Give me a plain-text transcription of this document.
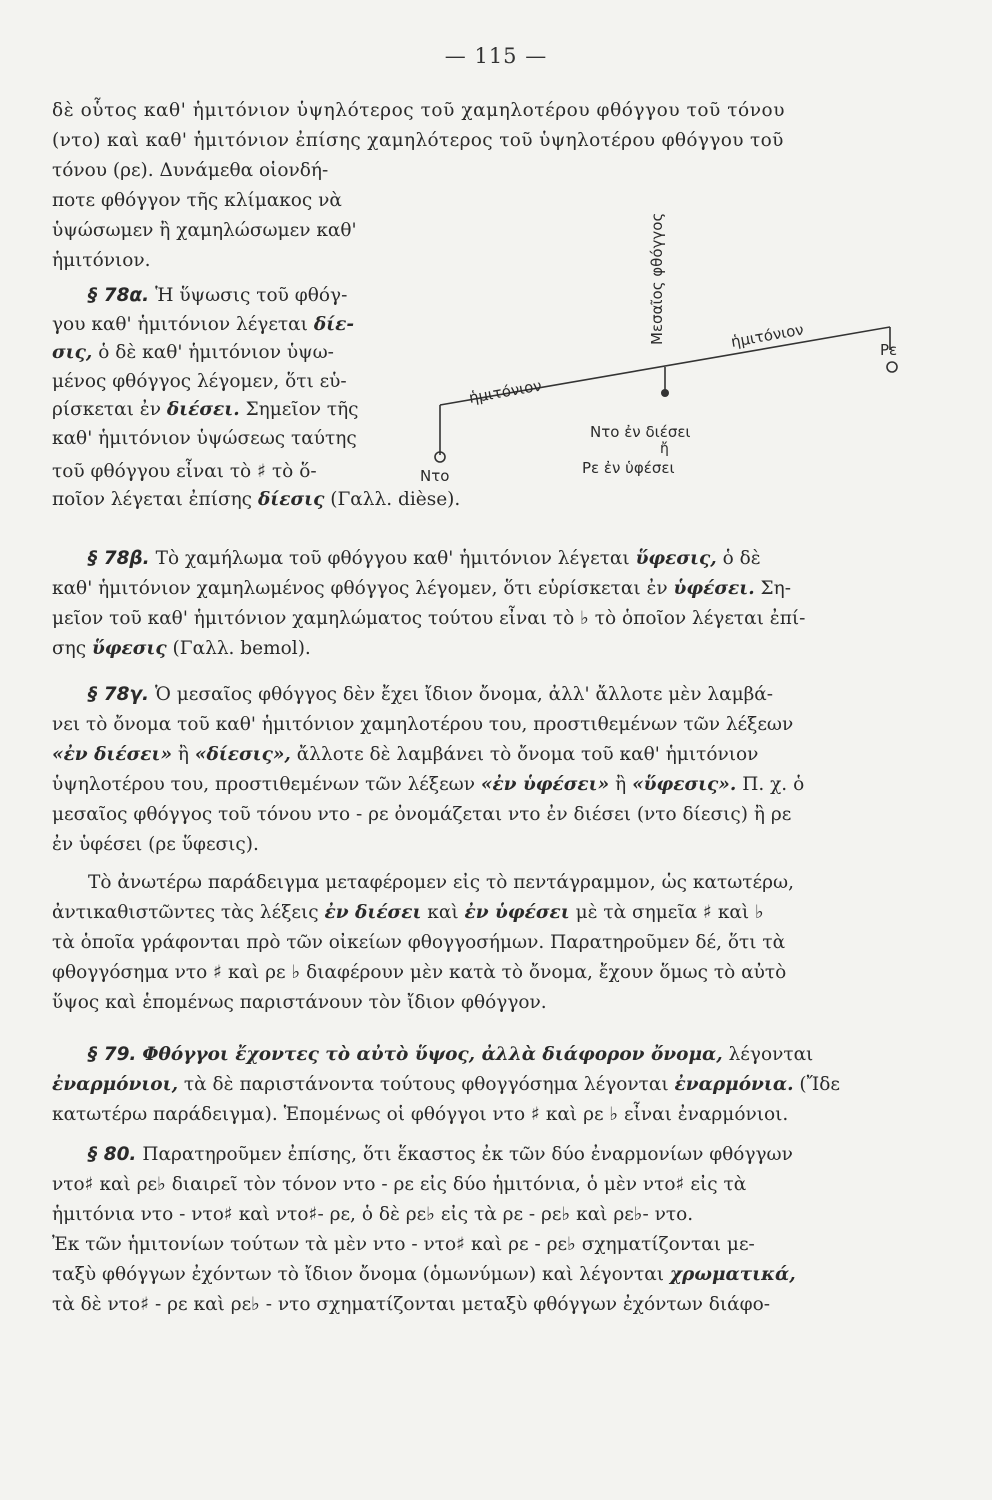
— 115 —
δὲ οὗτος καθ' ἡμιτόνιον ὑψηλότερος τοῦ χαμηλοτέρου φθόγγου τοῦ τόνου
(ντο) καὶ καθ' ἡμιτόνιον ἐπίσης χαμηλότερος τοῦ ὑψηλοτέρου φθόγγου τοῦ
τόνου (ρε). Δυνάμεθα οἱονδή-
ποτε φθόγγον τῆς κλίμακος νὰ
ὑψώσωμεν ἢ χαμηλώσωμεν καθ'
ἡμιτόνιον.
§ 78α. Ἡ ὕψωσις τοῦ φθόγ-
γου καθ' ἡμιτόνιον λέγεται δίε-
σις, ὁ δὲ καθ' ἡμιτόνιον ὑψω-
μένος φθόγγος λέγομεν, ὅτι εὑ-
ρίσκεται ἐν διέσει. Σημεῖον τῆς
καθ' ἡμιτόνιον ὑψώσεως ταύτης
τοῦ φθόγγου εἶναι τὸ ♯ τὸ ὅ-
ποῖον λέγεται ἐπίσης δίεσις (Γαλλ. dièse).
Μεσαῖος φθόγγος
ἡμιτόνιον
ἡμιτόνιον
Ντο
Ρε
Ντο ἐν διέσει
ἤ
Ρε ἐν ὑφέσει
§ 78β. Τὸ χαμήλωμα τοῦ φθόγγου καθ' ἡμιτόνιον λέγεται ὕφεσις, ὁ δὲ
καθ' ἡμιτόνιον χαμηλωμένος φθόγγος λέγομεν, ὅτι εὑρίσκεται ἐν ὑφέσει. Ση-
μεῖον τοῦ καθ' ἡμιτόνιον χαμηλώματος τούτου εἶναι τὸ ♭ τὸ ὁποῖον λέγεται ἐπί-
σης ὕφεσις (Γαλλ. bemol).
§ 78γ. Ὁ μεσαῖος φθόγγος δὲν ἔχει ἴδιον ὄνομα, ἀλλ' ἄλλοτε μὲν λαμβά-
νει τὸ ὄνομα τοῦ καθ' ἡμιτόνιον χαμηλοτέρου του, προστιθεμένων τῶν λέξεων
«ἐν διέσει» ἢ «δίεσις», ἄλλοτε δὲ λαμβάνει τὸ ὄνομα τοῦ καθ' ἡμιτόνιον
ὑψηλοτέρου του, προστιθεμένων τῶν λέξεων «ἐν ὑφέσει» ἢ «ὕφεσις». Π. χ. ὁ
μεσαῖος φθόγγος τοῦ τόνου ντο - ρε ὀνομάζεται ντο ἐν διέσει (ντο δίεσις) ἢ ρε
ἐν ὑφέσει (ρε ὕφεσις).
Τὸ ἀνωτέρω παράδειγμα μεταφέρομεν εἰς τὸ πεντάγραμμον, ὡς κατωτέρω,
ἀντικαθιστῶντες τὰς λέξεις ἐν διέσει καὶ ἐν ὑφέσει μὲ τὰ σημεῖα ♯ καὶ ♭
τὰ ὁποῖα γράφονται πρὸ τῶν οἰκείων φθογγοσήμων. Παρατηροῦμεν δέ, ὅτι τὰ
φθογγόσημα ντο ♯ καὶ ρε ♭ διαφέρουν μὲν κατὰ τὸ ὄνομα, ἔχουν ὅμως τὸ αὐτὸ
ὕψος καὶ ἑπομένως παριστάνουν τὸν ἴδιον φθόγγον.
§ 79. Φθόγγοι ἔχοντες τὸ αὐτὸ ὕψος, ἀλλὰ διάφορον ὄνομα, λέγονται
ἐναρμόνιοι, τὰ δὲ παριστάνοντα τούτους φθογγόσημα λέγονται ἐναρμόνια. (Ἴδε
κατωτέρω παράδειγμα). Ἑπομένως οἱ φθόγγοι ντο ♯ καὶ ρε ♭ εἶναι ἐναρμόνιοι.
§ 80. Παρατηροῦμεν ἐπίσης, ὅτι ἕκαστος ἐκ τῶν δύο ἐναρμονίων φθόγγων
ντο♯ καὶ ρε♭ διαιρεῖ τὸν τόνον ντο - ρε εἰς δύο ἡμιτόνια, ὁ μὲν ντο♯ εἰς τὰ
ἡμιτόνια ντο - ντο♯ καὶ ντο♯- ρε, ὁ δὲ ρε♭ εἰς τὰ ρε - ρε♭ καὶ ρε♭- ντο.
Ἐκ τῶν ἡμιτονίων τούτων τὰ μὲν ντο - ντο♯ καὶ ρε - ρε♭ σχηματίζονται με-
ταξὺ φθόγγων ἐχόντων τὸ ἴδιον ὄνομα (ὁμωνύμων) καὶ λέγονται χρωματικά,
τὰ δὲ ντο♯ - ρε καὶ ρε♭ - ντο σχηματίζονται μεταξὺ φθόγγων ἐχόντων διάφο-
